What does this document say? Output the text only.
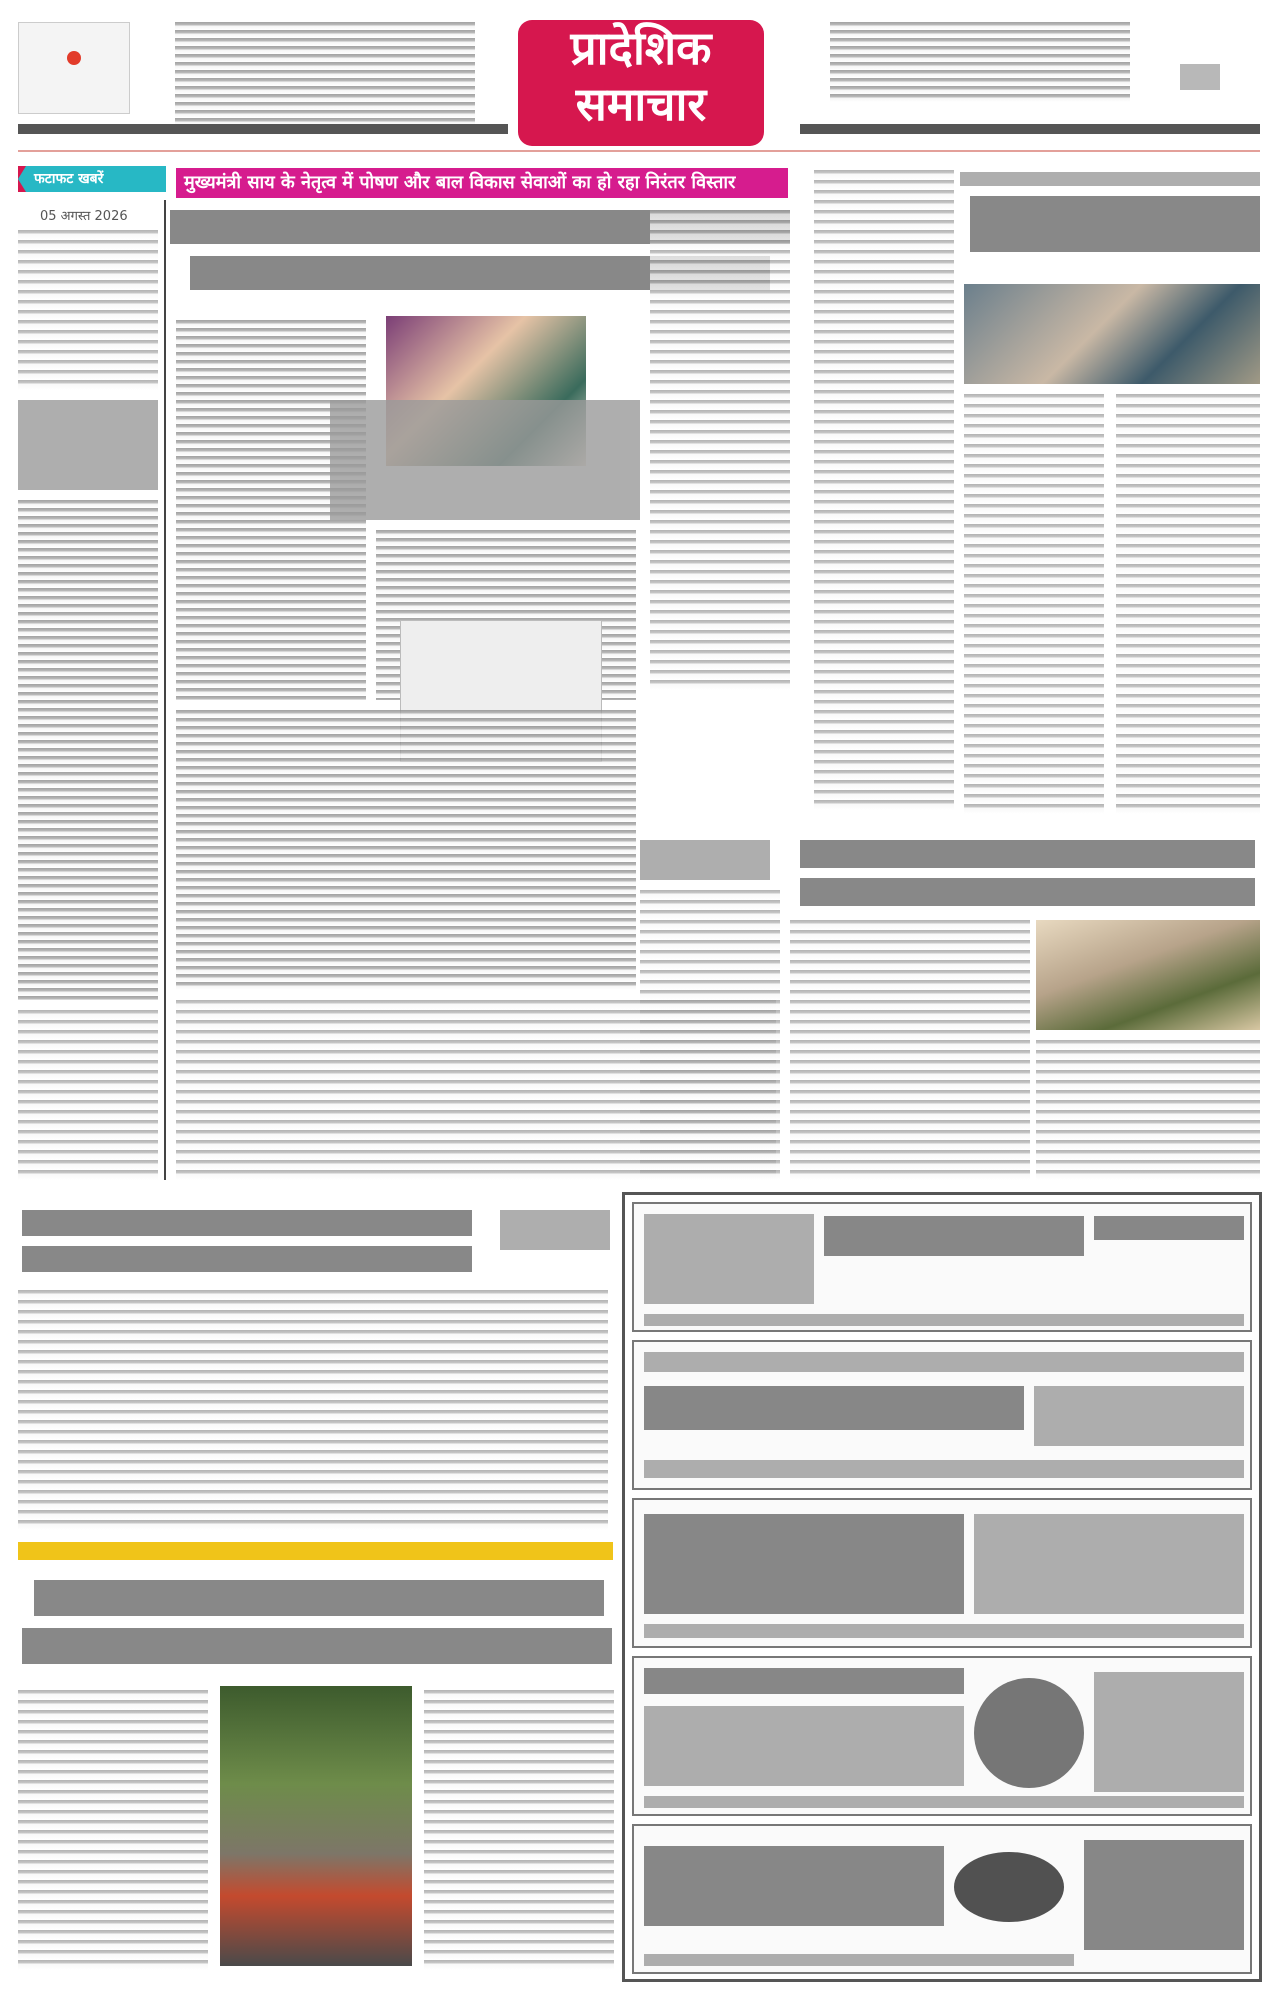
प्रादेशिक
समाचार
फटाफट खबरें
05 अगस्त 2026
मुख्यमंत्री साय के नेतृत्व में पोषण और बाल विकास सेवाओं का हो रहा निरंतर विस्तार
